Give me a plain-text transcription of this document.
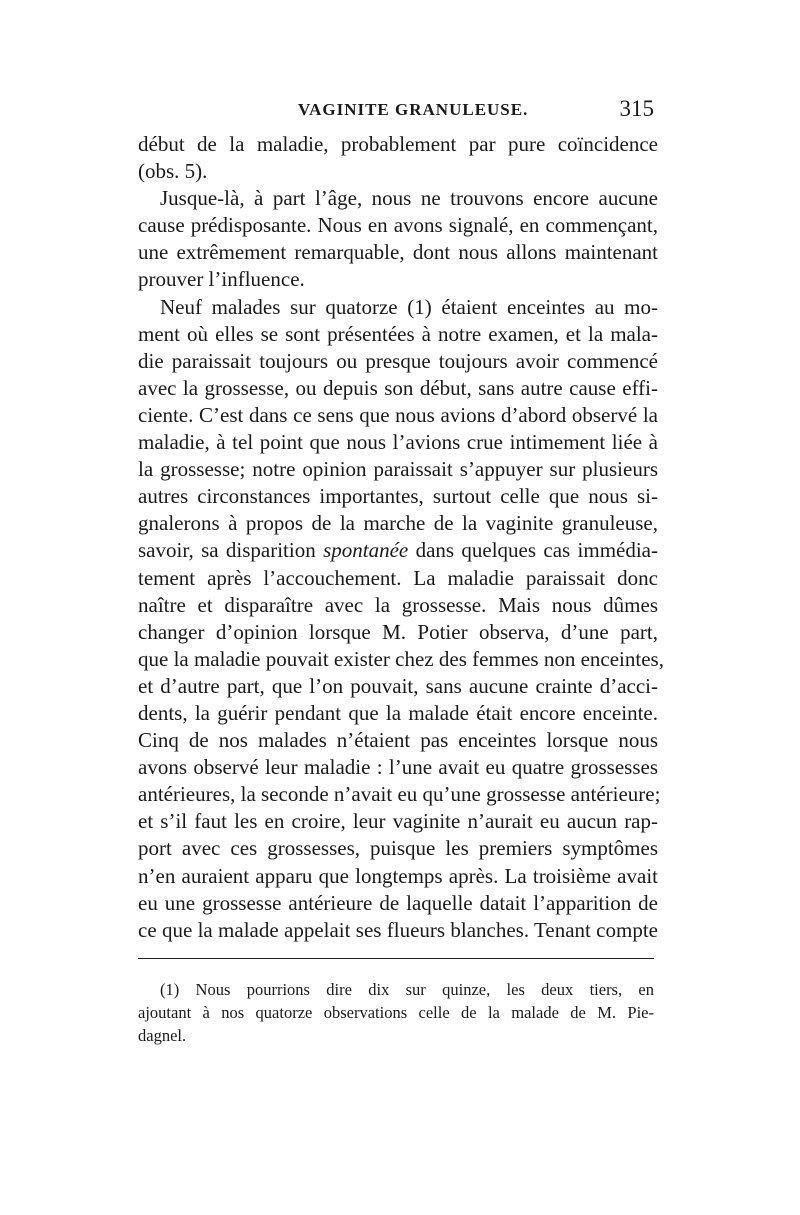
VAGINITE GRANULEUSE.	315
début de la maladie, probablement par pure coïncidence
(obs. 5).
Jusque-là, à part l’âge, nous ne trouvons encore aucune
cause prédisposante. Nous en avons signalé, en commençant,
une extrêmement remarquable, dont nous allons maintenant
prouver l’influence.
Neuf malades sur quatorze (1) étaient enceintes au mo-
ment où elles se sont présentées à notre examen, et la mala-
die paraissait toujours ou presque toujours avoir commencé
avec la grossesse, ou depuis son début, sans autre cause effi-
ciente. C’est dans ce sens que nous avions d’abord observé la
maladie, à tel point que nous l’avions crue intimement liée à
la grossesse; notre opinion paraissait s’appuyer sur plusieurs
autres circonstances importantes, surtout celle que nous si-
gnalerons à propos de la marche de la vaginite granuleuse,
savoir, sa disparition spontanée dans quelques cas immédia-
tement après l’accouchement. La maladie paraissait donc
naître et disparaître avec la grossesse. Mais nous dûmes
changer d’opinion lorsque M. Potier observa, d’une part,
que la maladie pouvait exister chez des femmes non enceintes,
et d’autre part, que l’on pouvait, sans aucune crainte d’acci-
dents, la guérir pendant que la malade était encore enceinte.
Cinq de nos malades n’étaient pas enceintes lorsque nous
avons observé leur maladie : l’une avait eu quatre grossesses
antérieures, la seconde n’avait eu qu’une grossesse antérieure;
et s’il faut les en croire, leur vaginite n’aurait eu aucun rap-
port avec ces grossesses, puisque les premiers symptômes
n’en auraient apparu que longtemps après. La troisième avait
eu une grossesse antérieure de laquelle datait l’apparition de
ce que la malade appelait ses flueurs blanches. Tenant compte
(1) Nous pourrions dire dix sur quinze, les deux tiers, en
ajoutant à nos quatorze observations celle de la malade de M. Pie-
dagnel.
